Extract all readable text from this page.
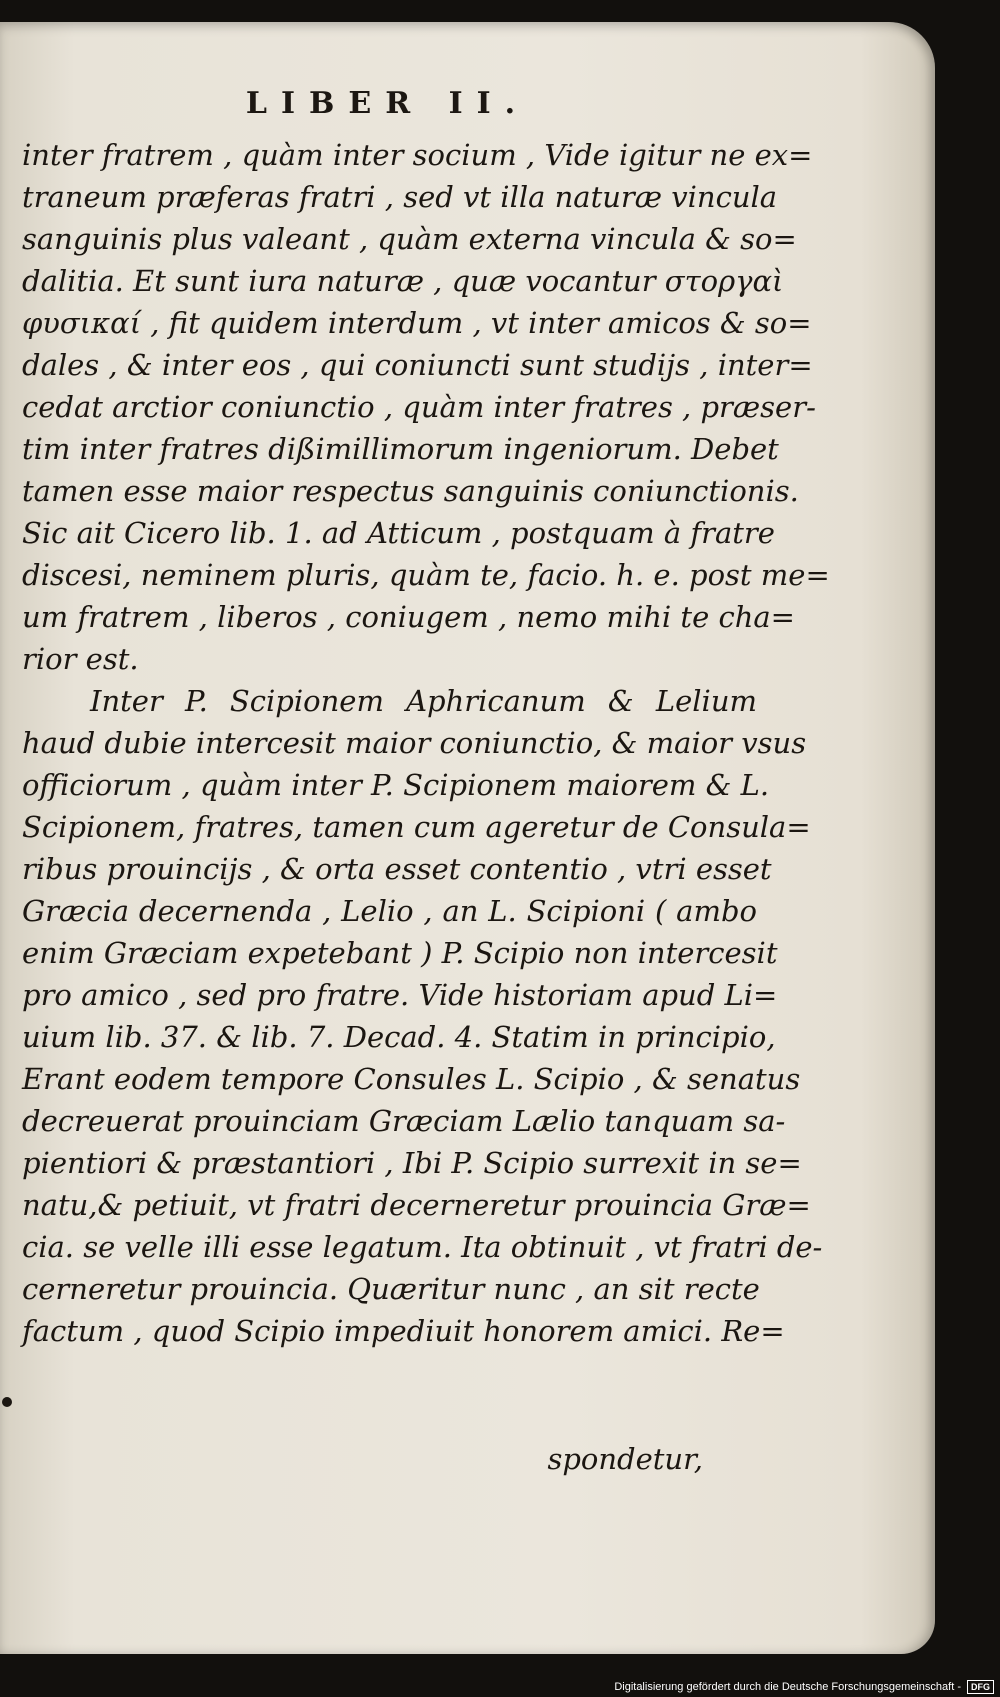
LIBER II.
inter fratrem , quàm inter socium , Vide igitur ne ex=
traneum præferas fratri , sed vt illa naturæ vincula
sanguinis plus valeant , quàm externa vincula & so=
dalitia. Et sunt iura naturæ , quæ vocantur στοργαὶ
φυσικαί , fit quidem interdum , vt inter amicos & so=
dales , & inter eos , qui coniuncti sunt studijs , inter=
cedat arctior coniunctio , quàm inter fratres , præser-
tim inter fratres dißimillimorum ingeniorum. Debet
tamen esse maior respectus sanguinis coniunctionis.
Sic ait Cicero lib. 1. ad Atticum , postquam à fratre
discesi, neminem pluris, quàm te, facio. h. e. post me=
um fratrem , liberos , coniugem , nemo mihi te cha=
rior est.
Inter P. Scipionem Aphricanum & Lelium
haud dubie intercesit maior coniunctio, & maior vsus
officiorum , quàm inter P. Scipionem maiorem & L.
Scipionem, fratres, tamen cum ageretur de Consula=
ribus prouincijs , & orta esset contentio , vtri esset
Græcia decernenda , Lelio , an L. Scipioni ( ambo
enim Græciam expetebant ) P. Scipio non intercesit
pro amico , sed pro fratre. Vide historiam apud Li=
uium lib. 37. & lib. 7. Decad. 4. Statim in principio,
Erant eodem tempore Consules L. Scipio , & senatus
decreuerat prouinciam Græciam Lælio tanquam sa-
pientiori & præstantiori , Ibi P. Scipio surrexit in se=
natu,& petiuit, vt fratri decerneretur prouincia Græ=
cia. se velle illi esse legatum. Ita obtinuit , vt fratri de-
cerneretur prouincia. Quæritur nunc , an sit recte
factum , quod Scipio impediuit honorem amici. Re=
spondetur,
Digitalisierung gefördert durch die Deutsche Forschungsgemeinschaft -	DFG
